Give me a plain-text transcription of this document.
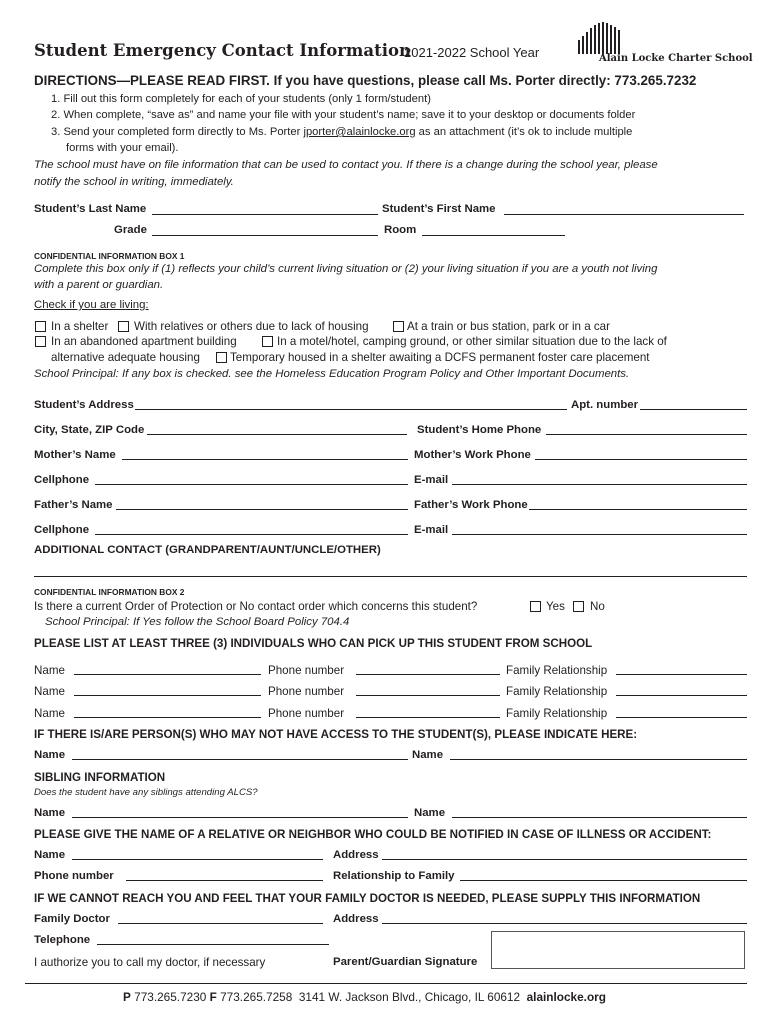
Student Emergency Contact Information
2021-2022 School Year	Alain Locke Charter School
DIRECTIONS—PLEASE READ FIRST. If you have questions, please call Ms. Porter directly: 773.265.7232
1. Fill out this form completely for each of your students (only 1 form/student)
2. When complete, “save as” and name your file with your student’s name; save it to your desktop or documents folder
3. Send your completed form directly to Ms. Porter jporter@alainlocke.org as an attachment (it’s ok to include multiple
forms with your email).
The school must have on file information that can be used to contact you. If there is a change during the school year, please
notify the school in writing, immediately.
Student’s Last Name	Student’s First Name
Grade	Room
CONFIDENTIAL INFORMATION BOX 1
Complete this box only if (1) reflects your child’s current living situation or (2) your living situation if you are a youth not living
with a parent or guardian.
Check if you are living:
In a shelter With relatives or others due to lack of housing	At a train or bus station, park or in a car
In an abandoned apartment building	In a motel/hotel, camping ground, or other similar situation due to the lack of
alternative adequate housing	Temporary housed in a shelter awaiting a DCFS permanent foster care placement
School Principal: If any box is checked. see the Homeless Education Program Policy and Other Important Documents.
Student’s Address	Apt. number
City, State, ZIP Code	Student’s Home Phone
Mother’s Name	Mother’s Work Phone
Cellphone	E-mail
Father’s Name	Father’s Work Phone
Cellphone	E-mail
ADDITIONAL CONTACT (GRANDPARENT/AUNT/UNCLE/OTHER)
CONFIDENTIAL INFORMATION BOX 2
Is there a current Order of Protection or No contact order which concerns this student?	Yes No
School Principal: If Yes follow the School Board Policy 704.4
PLEASE LIST AT LEAST THREE (3) INDIVIDUALS WHO CAN PICK UP THIS STUDENT FROM SCHOOL
Name	Phone number	Family Relationship
Name	Phone number	Family Relationship
Name	Phone number	Family Relationship
IF THERE IS/ARE PERSON(S) WHO MAY NOT HAVE ACCESS TO THE STUDENT(S), PLEASE INDICATE HERE:
Name	Name
SIBLING INFORMATION
Does the student have any siblings attending ALCS?
Name	Name
PLEASE GIVE THE NAME OF A RELATIVE OR NEIGHBOR WHO COULD BE NOTIFIED IN CASE OF ILLNESS OR ACCIDENT:
Name	Address
Phone number	Relationship to Family
IF WE CANNOT REACH YOU AND FEEL THAT YOUR FAMILY DOCTOR IS NEEDED, PLEASE SUPPLY THIS INFORMATION
Family Doctor	Address
Telephone
I authorize you to call my doctor, if necessary	Parent/Guardian Signature
P 773.265.7230 F 773.265.7258 3141 W. Jackson Blvd., Chicago, IL 60612 alainlocke.org
